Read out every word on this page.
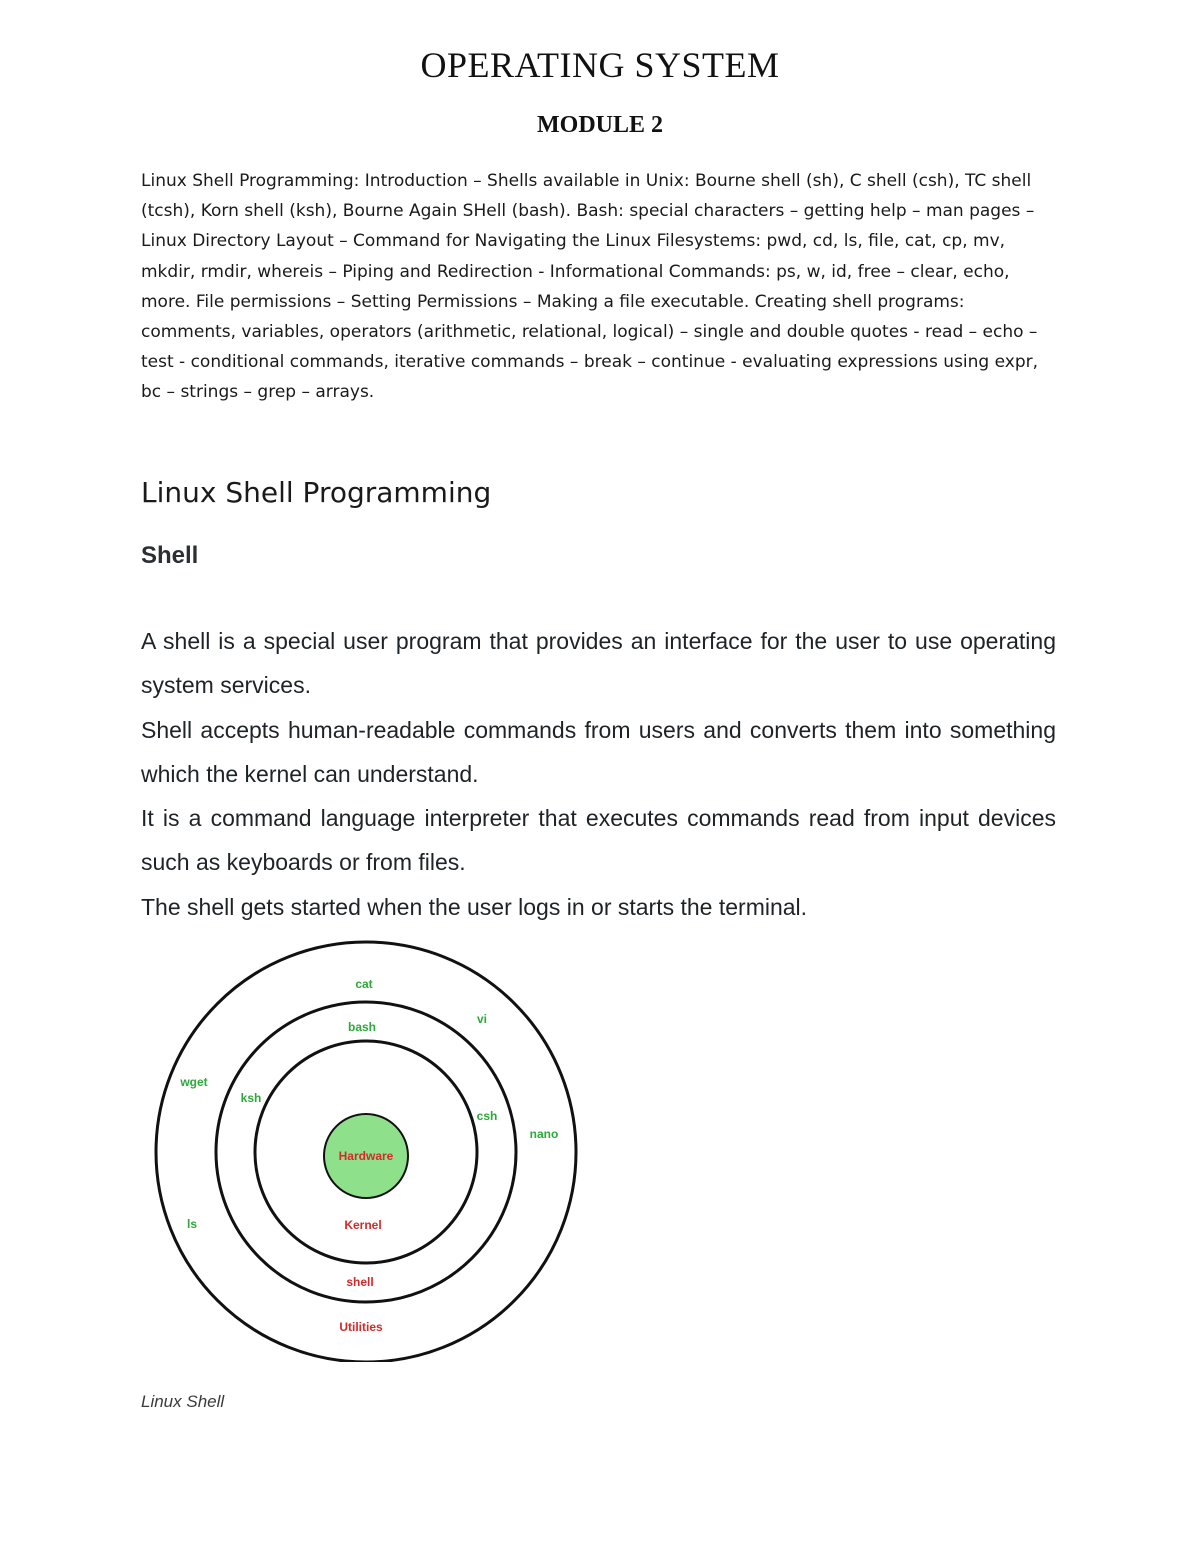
OPERATING SYSTEM
MODULE 2

Linux Shell Programming: Introduction – Shells available in Unix: Bourne shell (sh), C shell (csh), TC shell (tcsh), Korn shell (ksh), Bourne Again SHell (bash). Bash: special characters – getting help – man pages – Linux Directory Layout – Command for Navigating the Linux Filesystems: pwd, cd, ls, file, cat, cp, mv, mkdir, rmdir, whereis – Piping and Redirection - Informational Commands: ps, w, id, free – clear, echo, more. File permissions – Setting Permissions – Making a file executable. Creating shell programs: comments, variables, operators (arithmetic, relational, logical) – single and double quotes - read – echo – test - conditional commands, iterative commands – break – continue - evaluating expressions using expr, bc – strings – grep – arrays.

Linux Shell Programming
Shell

A shell is a special user program that provides an interface for the user to use operating system services.

Shell accepts human-readable commands from users and converts them into something which the kernel can understand.

It is a command language interpreter that executes commands read from input devices such as keyboards or from files.

The shell gets started when the user logs in or starts the terminal.

Hardware
Kernel
shell
Utilities
bash
ksh
csh
cat
vi
wget
nano
ls
Linux Shell
